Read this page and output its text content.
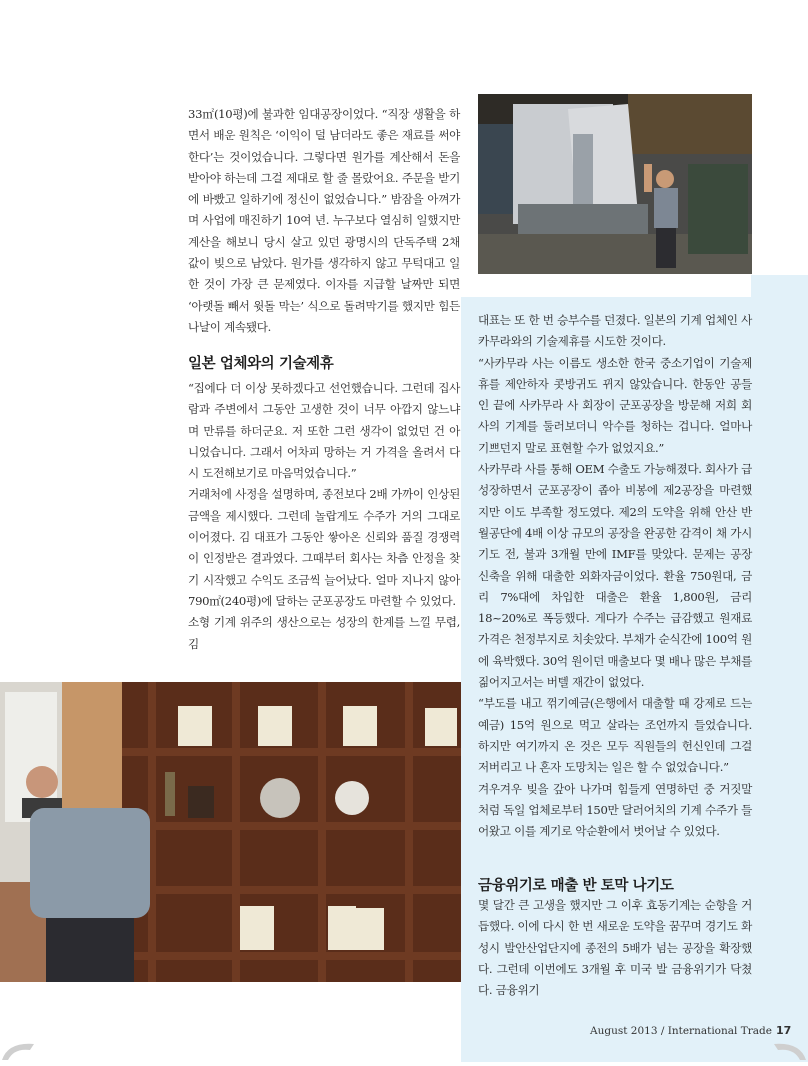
33㎡(10평)에 불과한 임대공장이었다. “직장 생활을 하면서 배운 원칙은 ‘이익이 덜 남더라도 좋은 재료를 써야 한다’는 것이었습니다. 그렇다면 원가를 계산해서 돈을 받아야 하는데 그걸 제대로 할 줄 몰랐어요. 주문을 받기에 바빴고 일하기에 정신이 없었습니다.” 밤잠을 아껴가며 사업에 매진하기 10여 년. 누구보다 열심히 일했지만 계산을 해보니 당시 살고 있던 광명시의 단독주택 2채 값이 빚으로 남았다. 원가를 생각하지 않고 무턱대고 일한 것이 가장 큰 문제였다. 이자를 지급할 날짜만 되면 ‘아랫돌 빼서 윗돌 막는’ 식으로 돌려막기를 했지만 힘든 나날이 계속됐다.

일본 업체와의 기술제휴

“집에다 더 이상 못하겠다고 선언했습니다. 그런데 집사람과 주변에서 그동안 고생한 것이 너무 아깝지 않느냐며 만류를 하더군요. 저 또한 그런 생각이 없었던 건 아니었습니다. 그래서 어차피 망하는 거 가격을 올려서 다시 도전해보기로 마음먹었습니다.”

거래처에 사정을 설명하며, 종전보다 2배 가까이 인상된 금액을 제시했다. 그런데 놀랍게도 수주가 거의 그대로 이어졌다. 김 대표가 그동안 쌓아온 신뢰와 품질 경쟁력이 인정받은 결과였다. 그때부터 회사는 차츰 안정을 찾기 시작했고 수익도 조금씩 늘어났다. 얼마 지나지 않아 790㎡(240평)에 달하는 군포공장도 마련할 수 있었다.

소형 기계 위주의 생산으로는 성장의 한계를 느낄 무렵, 김

대표는 또 한 번 승부수를 던졌다. 일본의 기계 업체인 사카무라와의 기술제휴를 시도한 것이다.

“사카무라 사는 이름도 생소한 한국 중소기업이 기술제휴를 제안하자 콧방귀도 뀌지 않았습니다. 한동안 공들인 끝에 사카무라 사 회장이 군포공장을 방문해 저희 회사의 기계를 둘러보더니 악수를 청하는 겁니다. 얼마나 기쁘던지 말로 표현할 수가 없었지요.”

사카무라 사를 통해 OEM 수출도 가능해졌다. 회사가 급성장하면서 군포공장이 좁아 비봉에 제2공장을 마련했지만 이도 부족할 정도였다. 제2의 도약을 위해 안산 반월공단에 4배 이상 규모의 공장을 완공한 감격이 채 가시기도 전, 불과 3개월 만에 IMF를 맞았다. 문제는 공장 신축을 위해 대출한 외화자금이었다. 환율 750원대, 금리 7%대에 차입한 대출은 환율 1,800원, 금리 18~20%로 폭등했다. 게다가 수주는 급감했고 원재료 가격은 천정부지로 치솟았다. 부채가 순식간에 100억 원에 육박했다. 30억 원이던 매출보다 몇 배나 많은 부채를 짊어지고서는 버텔 재간이 없었다.

“부도를 내고 꺾기예금(은행에서 대출할 때 강제로 드는 예금) 15억 원으로 먹고 살라는 조언까지 들었습니다. 하지만 여기까지 온 것은 모두 직원들의 헌신인데 그걸 저버리고 나 혼자 도망치는 일은 할 수 없었습니다.”

겨우겨우 빚을 갚아 나가며 힘들게 연명하던 중 거짓말처럼 독일 업체로부터 150만 달러어치의 기계 수주가 들어왔고 이를 계기로 악순환에서 벗어날 수 있었다.

금융위기로 매출 반 토막 나기도

몇 달간 큰 고생을 했지만 그 이후 효동기계는 순항을 거듭했다. 이에 다시 한 번 새로운 도약을 꿈꾸며 경기도 화성시 발안산업단지에 종전의 5배가 넘는 공장을 확장했다. 그런데 이번에도 3개월 후 미국 발 금융위기가 닥쳤다. 금융위기

August 2013 / International Trade 17
